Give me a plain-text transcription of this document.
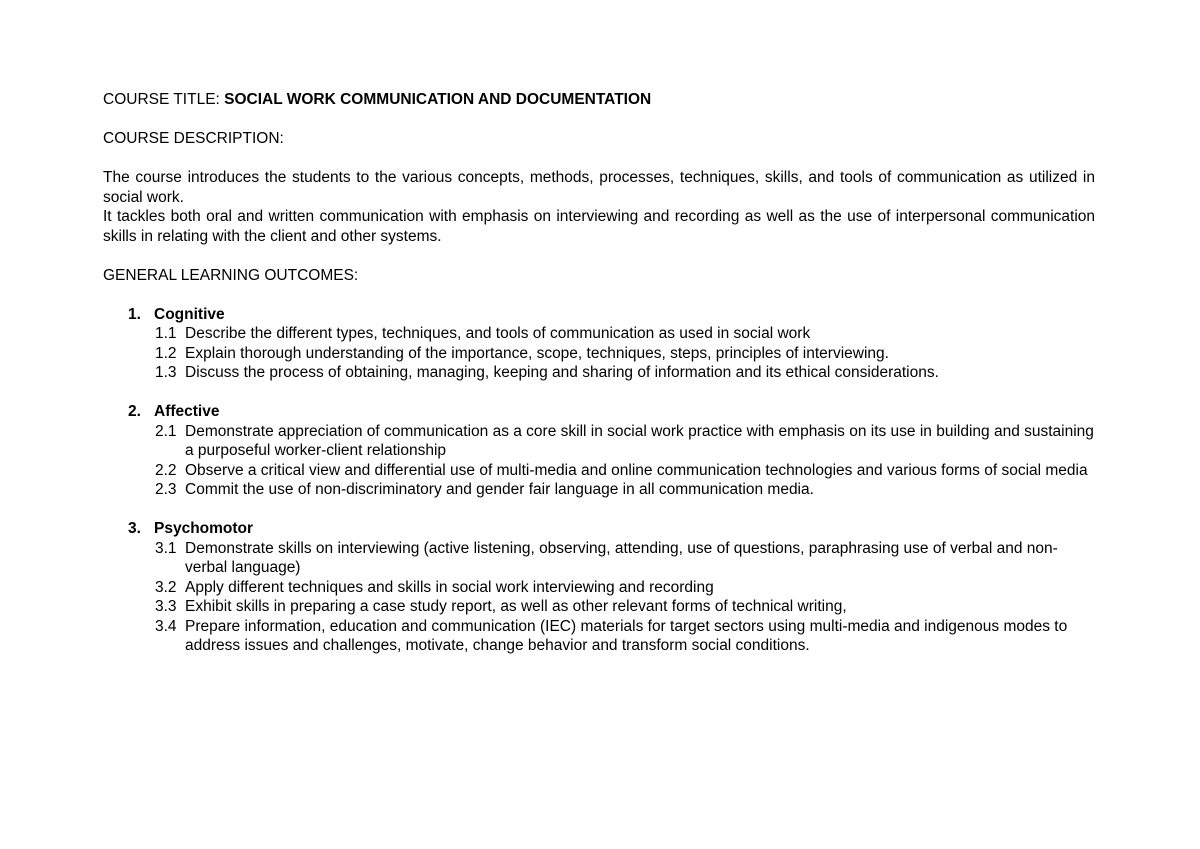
COURSE TITLE: SOCIAL WORK COMMUNICATION AND DOCUMENTATION

COURSE DESCRIPTION:

The course introduces the students to the various concepts, methods, processes, techniques, skills, and tools of communication as utilized in social work.

It tackles both oral and written communication with emphasis on interviewing and recording as well as the use of interpersonal communication skills in relating with the client and other systems.

GENERAL LEARNING OUTCOMES:

1. Cognitive
1.1 Describe the different types, techniques, and tools of communication as used in social work
1.2 Explain thorough understanding of the importance, scope, techniques, steps, principles of interviewing.
1.3 Discuss the process of obtaining, managing, keeping and sharing of information and its ethical considerations.
2. Affective
2.1 Demonstrate appreciation of communication as a core skill in social work practice with emphasis on its use in building and sustaining a purposeful worker-client relationship
2.2 Observe a critical view and differential use of multi-media and online communication technologies and various forms of social media
2.3 Commit the use of non-discriminatory and gender fair language in all communication media.
3. Psychomotor
3.1 Demonstrate skills on interviewing (active listening, observing, attending, use of questions, paraphrasing use of verbal and non-verbal language)
3.2 Apply different techniques and skills in social work interviewing and recording
3.3 Exhibit skills in preparing a case study report, as well as other relevant forms of technical writing,
3.4 Prepare information, education and communication (IEC) materials for target sectors using multi-media and indigenous modes to address issues and challenges, motivate, change behavior and transform social conditions.
